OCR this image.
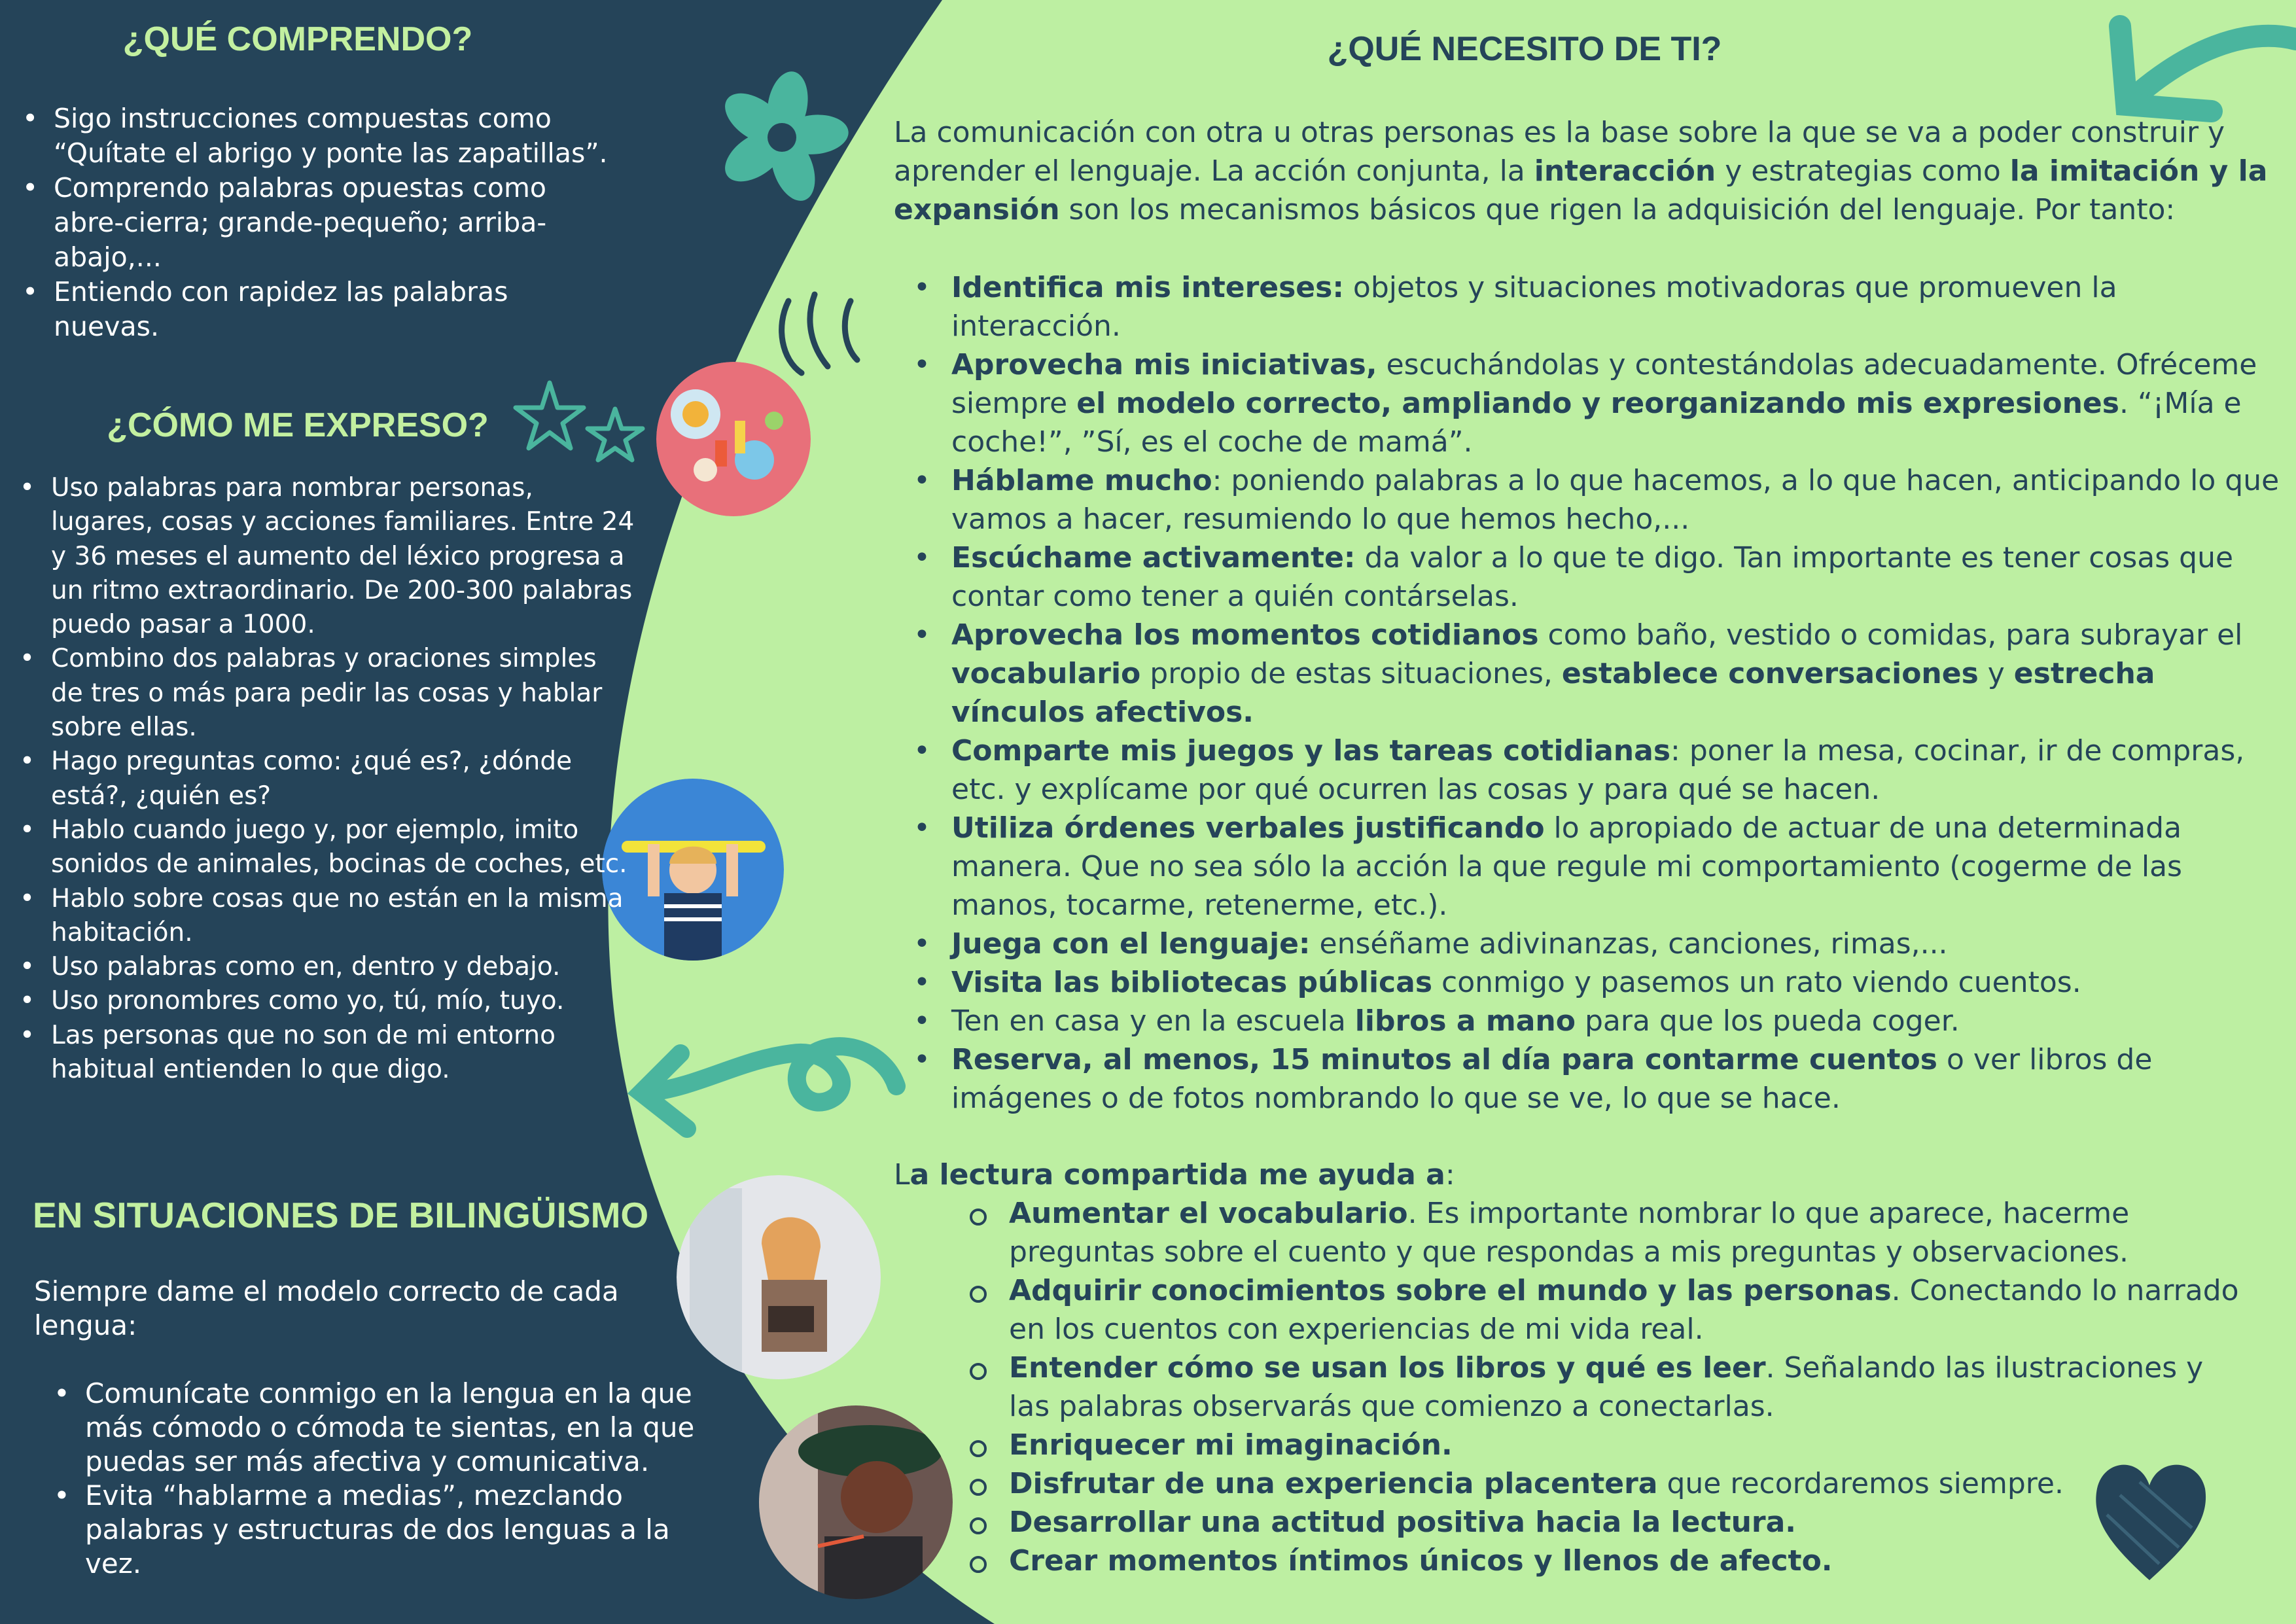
¿QUÉ COMPRENDO?
• Sigo instrucciones compuestas como “Quítate el abrigo y ponte las zapatillas”.
• Comprendo palabras opuestas como abre-cierra; grande-pequeño; arriba-abajo,...
• Entiendo con rapidez las palabras nuevas.
¿CÓMO ME EXPRESO?
• Uso palabras para nombrar personas, lugares, cosas y acciones familiares. Entre 24 y 36 meses el aumento del léxico progresa a un ritmo extraordinario. De 200-300 palabras puedo pasar a 1000.
• Combino dos palabras y oraciones simples de tres o más para pedir las cosas y hablar sobre ellas.
• Hago preguntas como: ¿qué es?, ¿dónde está?, ¿quién es?
• Hablo cuando juego y, por ejemplo, imito sonidos de animales, bocinas de coches, etc.
• Hablo sobre cosas que no están en la misma habitación.
• Uso palabras como en, dentro y debajo.
• Uso pronombres como yo, tú, mío, tuyo.
• Las personas que no son de mi entorno habitual entienden lo que digo.
EN SITUACIONES DE BILINGÜISMO
Siempre dame el modelo correcto de cada lengua:
• Comunícate conmigo en la lengua en la que más cómodo o cómoda te sientas, en la que puedas ser más afectiva y comunicativa.
• Evita “hablarme a medias”, mezclando palabras y estructuras de dos lenguas a la vez.
¿QUÉ NECESITO DE TI?
La comunicación con otra u otras personas es la base sobre la que se va a poder construir y aprender el lenguaje. La acción conjunta, la interacción y estrategias como la imitación y la expansión son los mecanismos básicos que rigen la adquisición del lenguaje. Por tanto:
• Identifica mis intereses: objetos y situaciones motivadoras que promueven la interacción.
• Aprovecha mis iniciativas, escuchándolas y contestándolas adecuadamente. Ofréceme siempre el modelo correcto, ampliando y reorganizando mis expresiones. “¡Mía e coche!”, ”Sí, es el coche de mamá”.
• Háblame mucho: poniendo palabras a lo que hacemos, a lo que hacen, anticipando lo que vamos a hacer, resumiendo lo que hemos hecho,...
• Escúchame activamente: da valor a lo que te digo. Tan importante es tener cosas que contar como tener a quién contárselas.
• Aprovecha los momentos cotidianos como baño, vestido o comidas, para subrayar el vocabulario propio de estas situaciones, establece conversaciones y estrecha vínculos afectivos.
• Comparte mis juegos y las tareas cotidianas: poner la mesa, cocinar, ir de compras, etc. y explícame por qué ocurren las cosas y para qué se hacen.
• Utiliza órdenes verbales justificando lo apropiado de actuar de una determinada manera. Que no sea sólo la acción la que regule mi comportamiento (cogerme de las manos, tocarme, retenerme, etc.).
• Juega con el lenguaje: enséñame adivinanzas, canciones, rimas,...
• Visita las bibliotecas públicas conmigo y pasemos un rato viendo cuentos.
• Ten en casa y en la escuela libros a mano para que los pueda coger.
• Reserva, al menos, 15 minutos al día para contarme cuentos o ver libros de imágenes o de fotos nombrando lo que se ve, lo que se hace.
La lectura compartida me ayuda a:
Aumentar el vocabulario. Es importante nombrar lo que aparece, hacerme preguntas sobre el cuento y que respondas a mis preguntas y observaciones.
Adquirir conocimientos sobre el mundo y las personas. Conectando lo narrado en los cuentos con experiencias de mi vida real.
Entender cómo se usan los libros y qué es leer. Señalando las ilustraciones y las palabras observarás que comienzo a conectarlas.
Enriquecer mi imaginación.
Disfrutar de una experiencia placentera que recordaremos siempre.
Desarrollar una actitud positiva hacia la lectura.
Crear momentos íntimos únicos y llenos de afecto.
